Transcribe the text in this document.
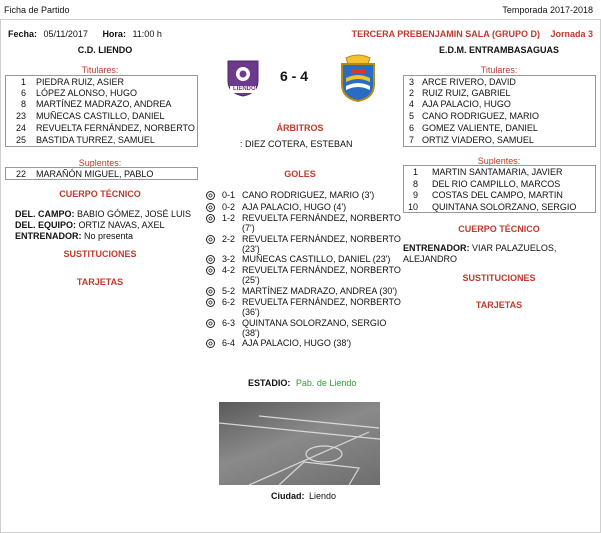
Ficha de Partido	Temporada 2017-2018
Fecha: 05/11/2017 Hora: 11:00 h	TERCERA PREBENJAMIN SALA (GRUPO D) Jornada 3
C.D. LIENDO	E.D.M. ENTRAMBASAGUAS
LIENDO
6 - 4
Titulares:
1 PIEDRA RUIZ, ASIER
6 LÓPEZ ALONSO, HUGO
8 MARTÍNEZ MADRAZO, ANDREA
23 MUÑECAS CASTILLO, DANIEL
24 REVUELTA FERNÁNDEZ, NORBERTO
25 BASTIDA TURREZ, SAMUEL
Suplentes:
22 MARAÑÓN MIGUEL, PABLO
CUERPO TÉCNICO
DEL. CAMPO: BABIO GÓMEZ, JOSÉ LUIS
DEL. EQUIPO: ORTIZ NAVAS, AXEL
ENTRENADOR: No presenta
SUSTITUCIONES
TARJETAS
ÁRBITROS
: DIEZ COTERA, ESTEBAN
GOLES
0-1 CANO RODRIGUEZ, MARIO (3')
0-2 AJA PALACIO, HUGO (4')
1-2 REVUELTA FERNÁNDEZ, NORBERTO (7')
2-2 REVUELTA FERNÁNDEZ, NORBERTO (23')
3-2 MUÑECAS CASTILLO, DANIEL (23')
4-2 REVUELTA FERNÁNDEZ, NORBERTO (25')
5-2 MARTÍNEZ MADRAZO, ANDREA (30')
6-2 REVUELTA FERNÁNDEZ, NORBERTO (36')
6-3 QUINTANA SOLORZANO, SERGIO (38')
6-4 AJA PALACIO, HUGO (38')
Titulares:
3 ARCE RIVERO, DAVID
2 RUIZ RUIZ, GABRIEL
4 AJA PALACIO, HUGO
5 CANO RODRIGUEZ, MARIO
6 GOMEZ VALIENTE, DANIEL
7 ORTIZ VIADERO, SAMUEL
Suplentes:
1 MARTIN SANTAMARIA, JAVIER
8 DEL RIO CAMPILLO, MARCOS
9 COSTAS DEL CAMPO, MARTIN
10 QUINTANA SOLORZANO, SERGIO
CUERPO TÉCNICO
ENTRENADOR: VIAR PALAZUELOS,
ALEJANDRO
SUSTITUCIONES
TARJETAS
ESTADIO: Pab. de Liendo
Ciudad: Liendo
